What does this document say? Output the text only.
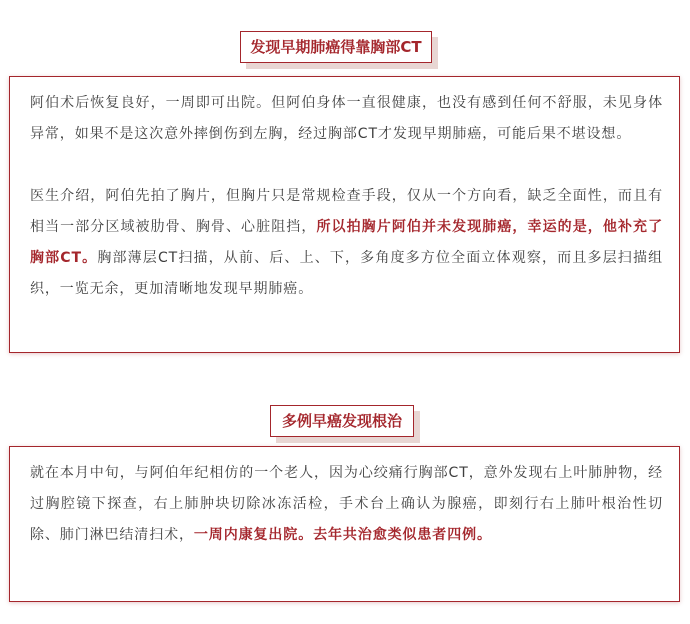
发现早期肺癌得靠胸部CT

阿伯术后恢复良好，一周即可出院。但阿伯身体一直很健康，也没有感到任何不舒服，未见身体异常，如果不是这次意外摔倒伤到左胸，经过胸部CT才发现早期肺癌，可能后果不堪设想。

医生介绍，阿伯先拍了胸片，但胸片只是常规检查手段，仅从一个方向看，缺乏全面性，而且有相当一部分区域被肋骨、胸骨、心脏阻挡，所以拍胸片阿伯并未发现肺癌，幸运的是，他补充了胸部CT。胸部薄层CT扫描，从前、后、上、下，多角度多方位全面立体观察，而且多层扫描组织，一览无余，更加清晰地发现早期肺癌。

多例早癌发现根治

就在本月中旬，与阿伯年纪相仿的一个老人，因为心绞痛行胸部CT，意外发现右上叶肺肿物，经过胸腔镜下探查，右上肺肿块切除冰冻活检，手术台上确认为腺癌，即刻行右上肺叶根治性切除、肺门淋巴结清扫术，一周内康复出院。去年共治愈类似患者四例。
